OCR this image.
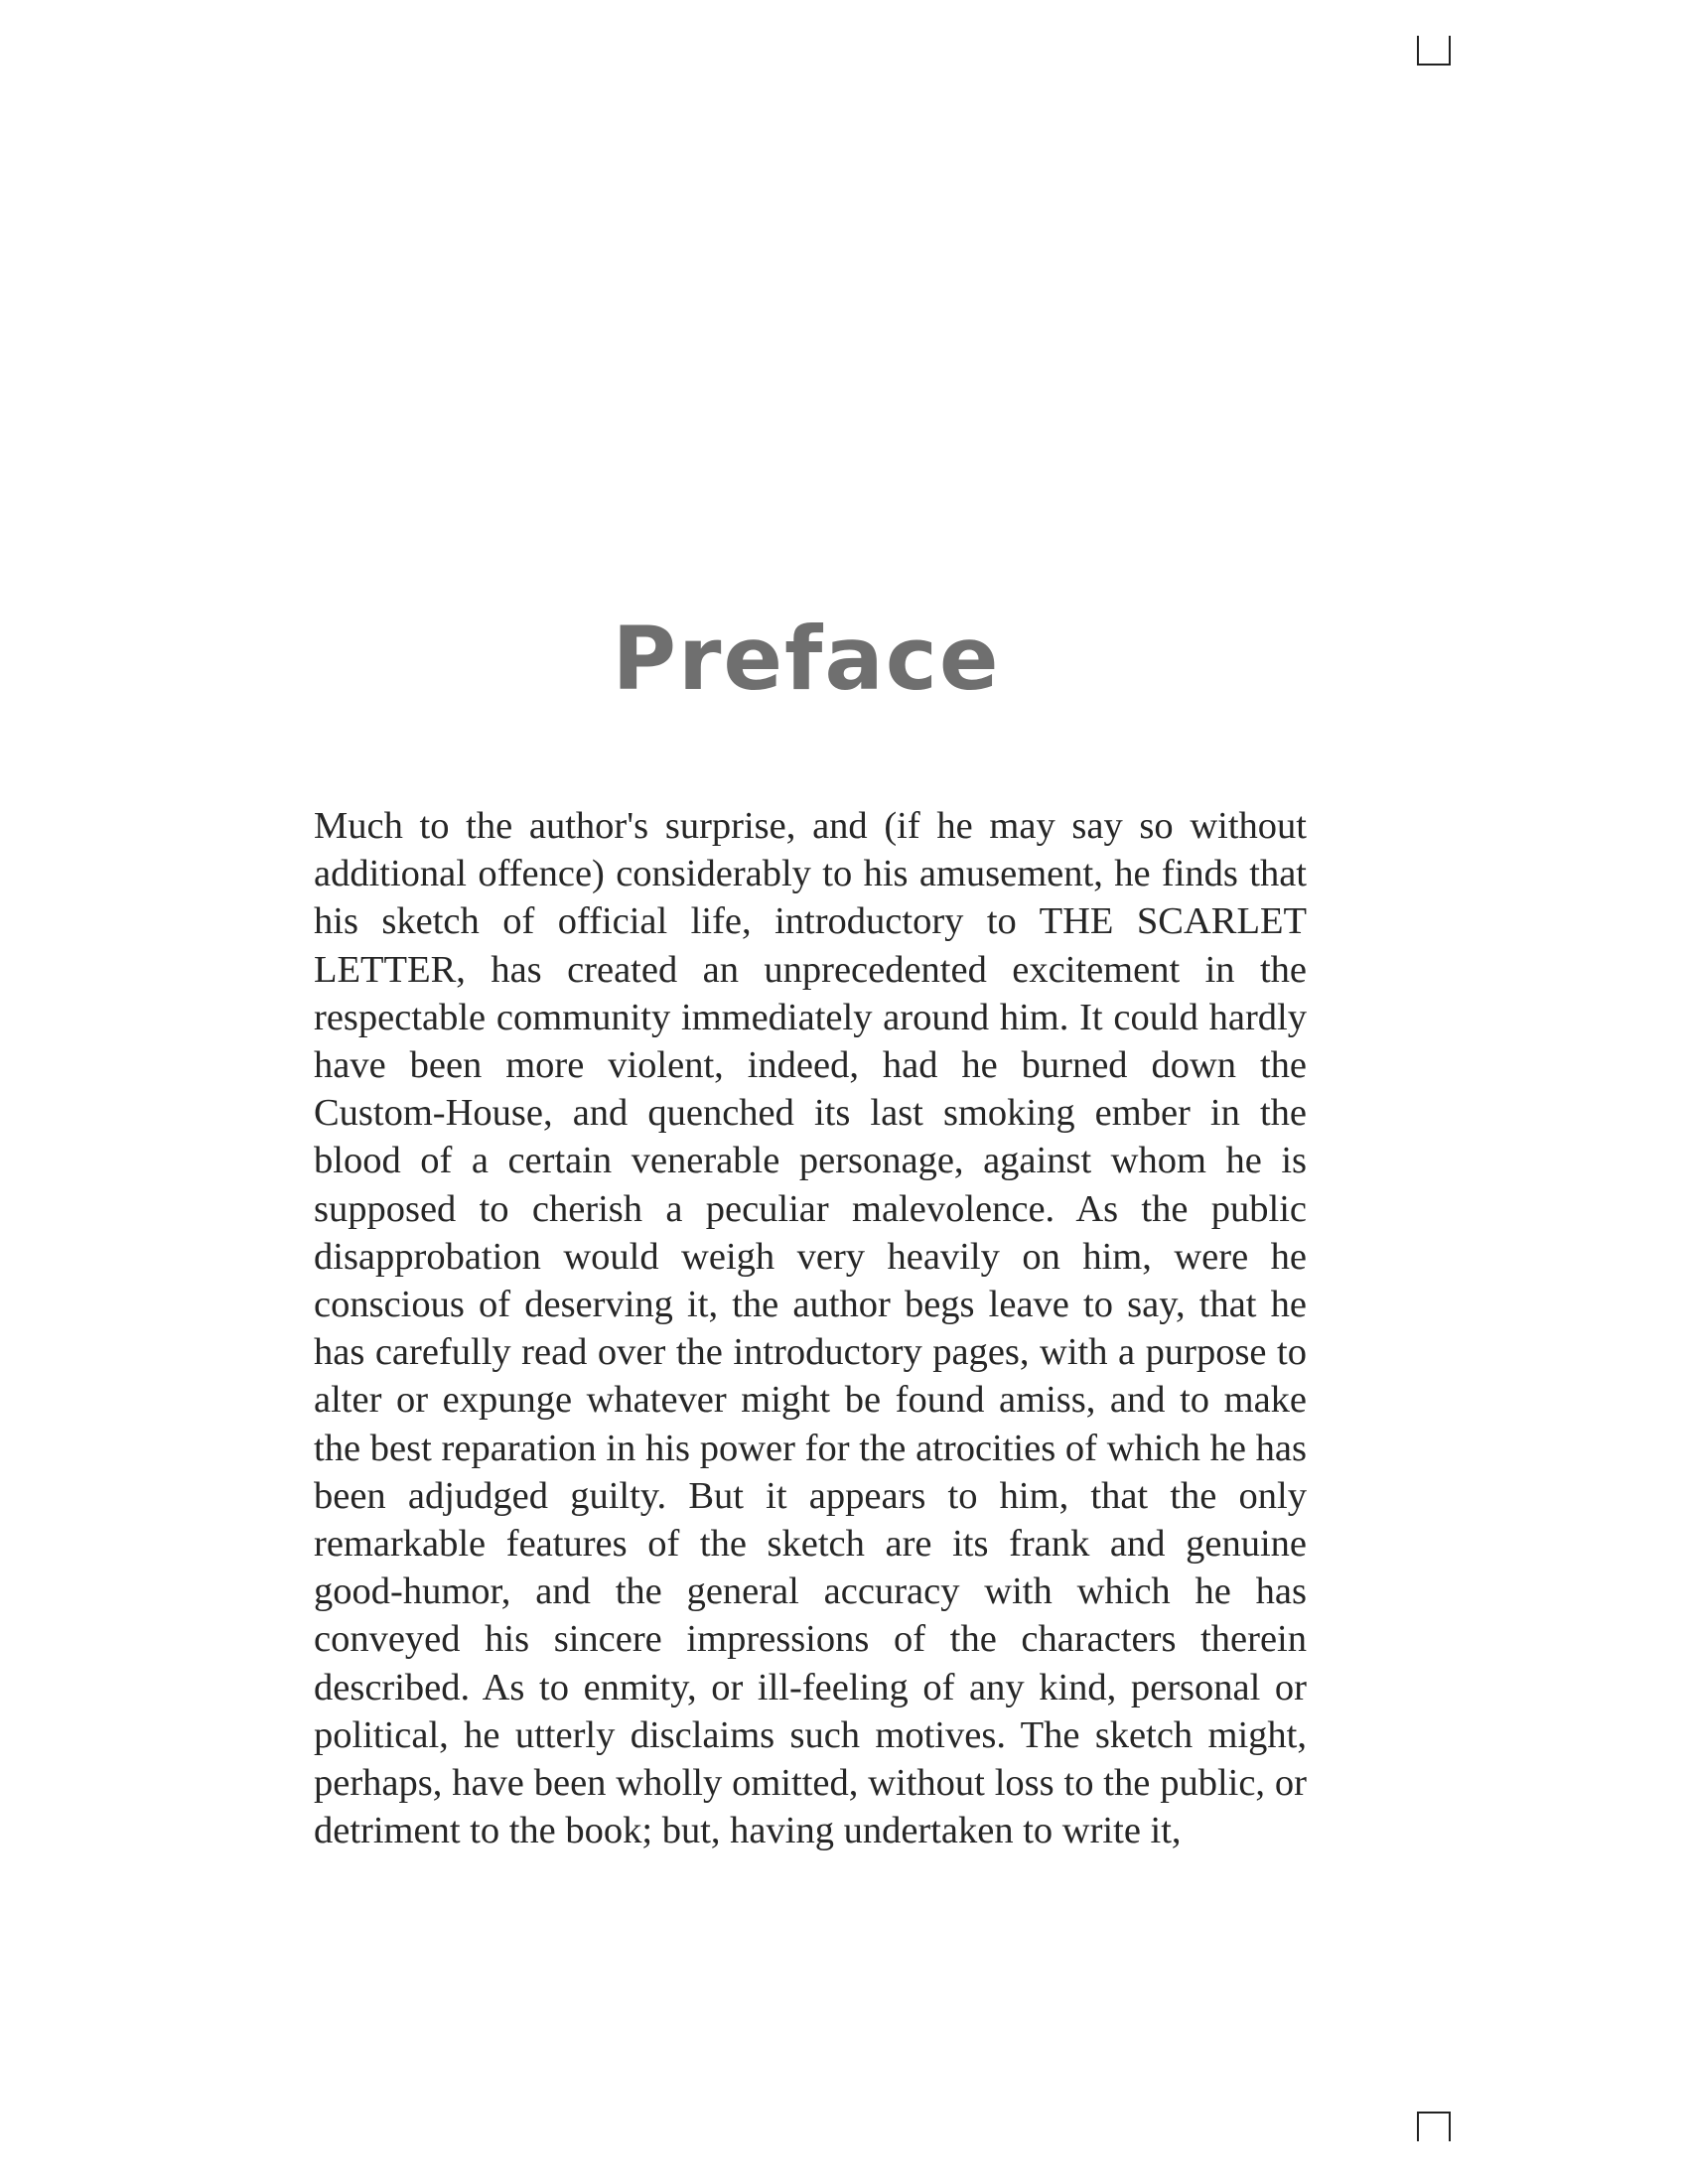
Preface

Much to the author's surprise, and (if he may say so without additional offence) considerably to his amusement, he finds that his sketch of official life, introductory to THE SCARLET LETTER, has created an unprecedented excitement in the respectable community immediately around him. It could hardly have been more violent, indeed, had he burned down the Custom-House, and quenched its last smoking ember in the blood of a certain venerable personage, against whom he is supposed to cherish a peculiar malevolence. As the public disapprobation would weigh very heavily on him, were he conscious of deserving it, the author begs leave to say, that he has carefully read over the introductory pages, with a purpose to alter or expunge whatever might be found amiss, and to make the best reparation in his power for the atrocities of which he has been adjudged guilty. But it appears to him, that the only remarkable features of the sketch are its frank and genuine good-humor, and the general accuracy with which he has conveyed his sincere impressions of the characters therein described. As to enmity, or ill-feeling of any kind, personal or political, he utterly disclaims such motives. The sketch might, perhaps, have been wholly omitted, without loss to the public, or detriment to the book; but, having undertaken to write it,
